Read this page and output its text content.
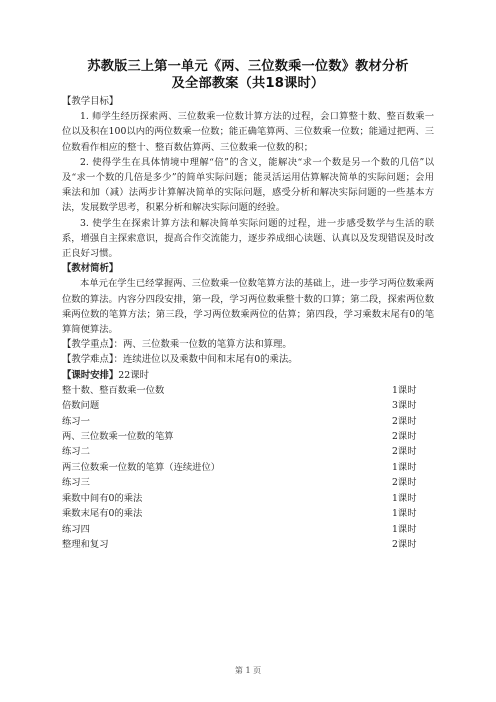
苏教版三上第一单元《两、三位数乘一位数》教材分析
及全部教案（共18课时）

【教学目标】

1. 师学生经历探索两、三位数乘一位数计算方法的过程，会口算整十数、整百数乘一位以及积在100以内的两位数乘一位数；能正确笔算两、三位数乘一位数；能通过把两、三位数看作相应的整十、整百数估算两、三位数乘一位数的积；

2. 使得学生在具体情境中理解“倍”的含义，能解决“求一个数是另一个数的几倍”以及“求一个数的几倍是多少”的简单实际问题；能灵活运用估算解决简单的实际问题；会用乘法和加（减）法两步计算解决简单的实际问题，感受分析和解决实际问题的一些基本方法，发展数学思考，积累分析和解决实际问题的经验。

3. 使学生在探索计算方法和解决简单实际问题的过程，进一步感受数学与生活的联系，增强自主探索意识，提高合作交流能力，逐步养成细心读题、认真以及发现错误及时改正良好习惯。

【教材简析】

本单元在学生已经掌握两、三位数乘一位数笔算方法的基础上，进一步学习两位数乘两位数的算法。内容分四段安排，第一段，学习两位数乘整十数的口算；第二段，探索两位数乘两位数的笔算方法；第三段，学习两位数乘两位的估算；第四段，学习乘数末尾有0的笔算简便算法。

【教学重点】：两、三位数乘一位数的笔算方法和算理。

【教学难点】：连续进位以及乘数中间和末尾有0的乘法。

【课时安排】22课时

整十数、整百数乘一位数	1课时
倍数问题	3课时
练习一	2课时
两、三位数乘一位数的笔算	2课时
练习二	2课时
两三位数乘一位数的笔算（连续进位）	1课时
练习三	2课时
乘数中间有0的乘法	1课时
乘数末尾有0的乘法	1课时
练习四	1课时
整理和复习	2课时
第 1 页
